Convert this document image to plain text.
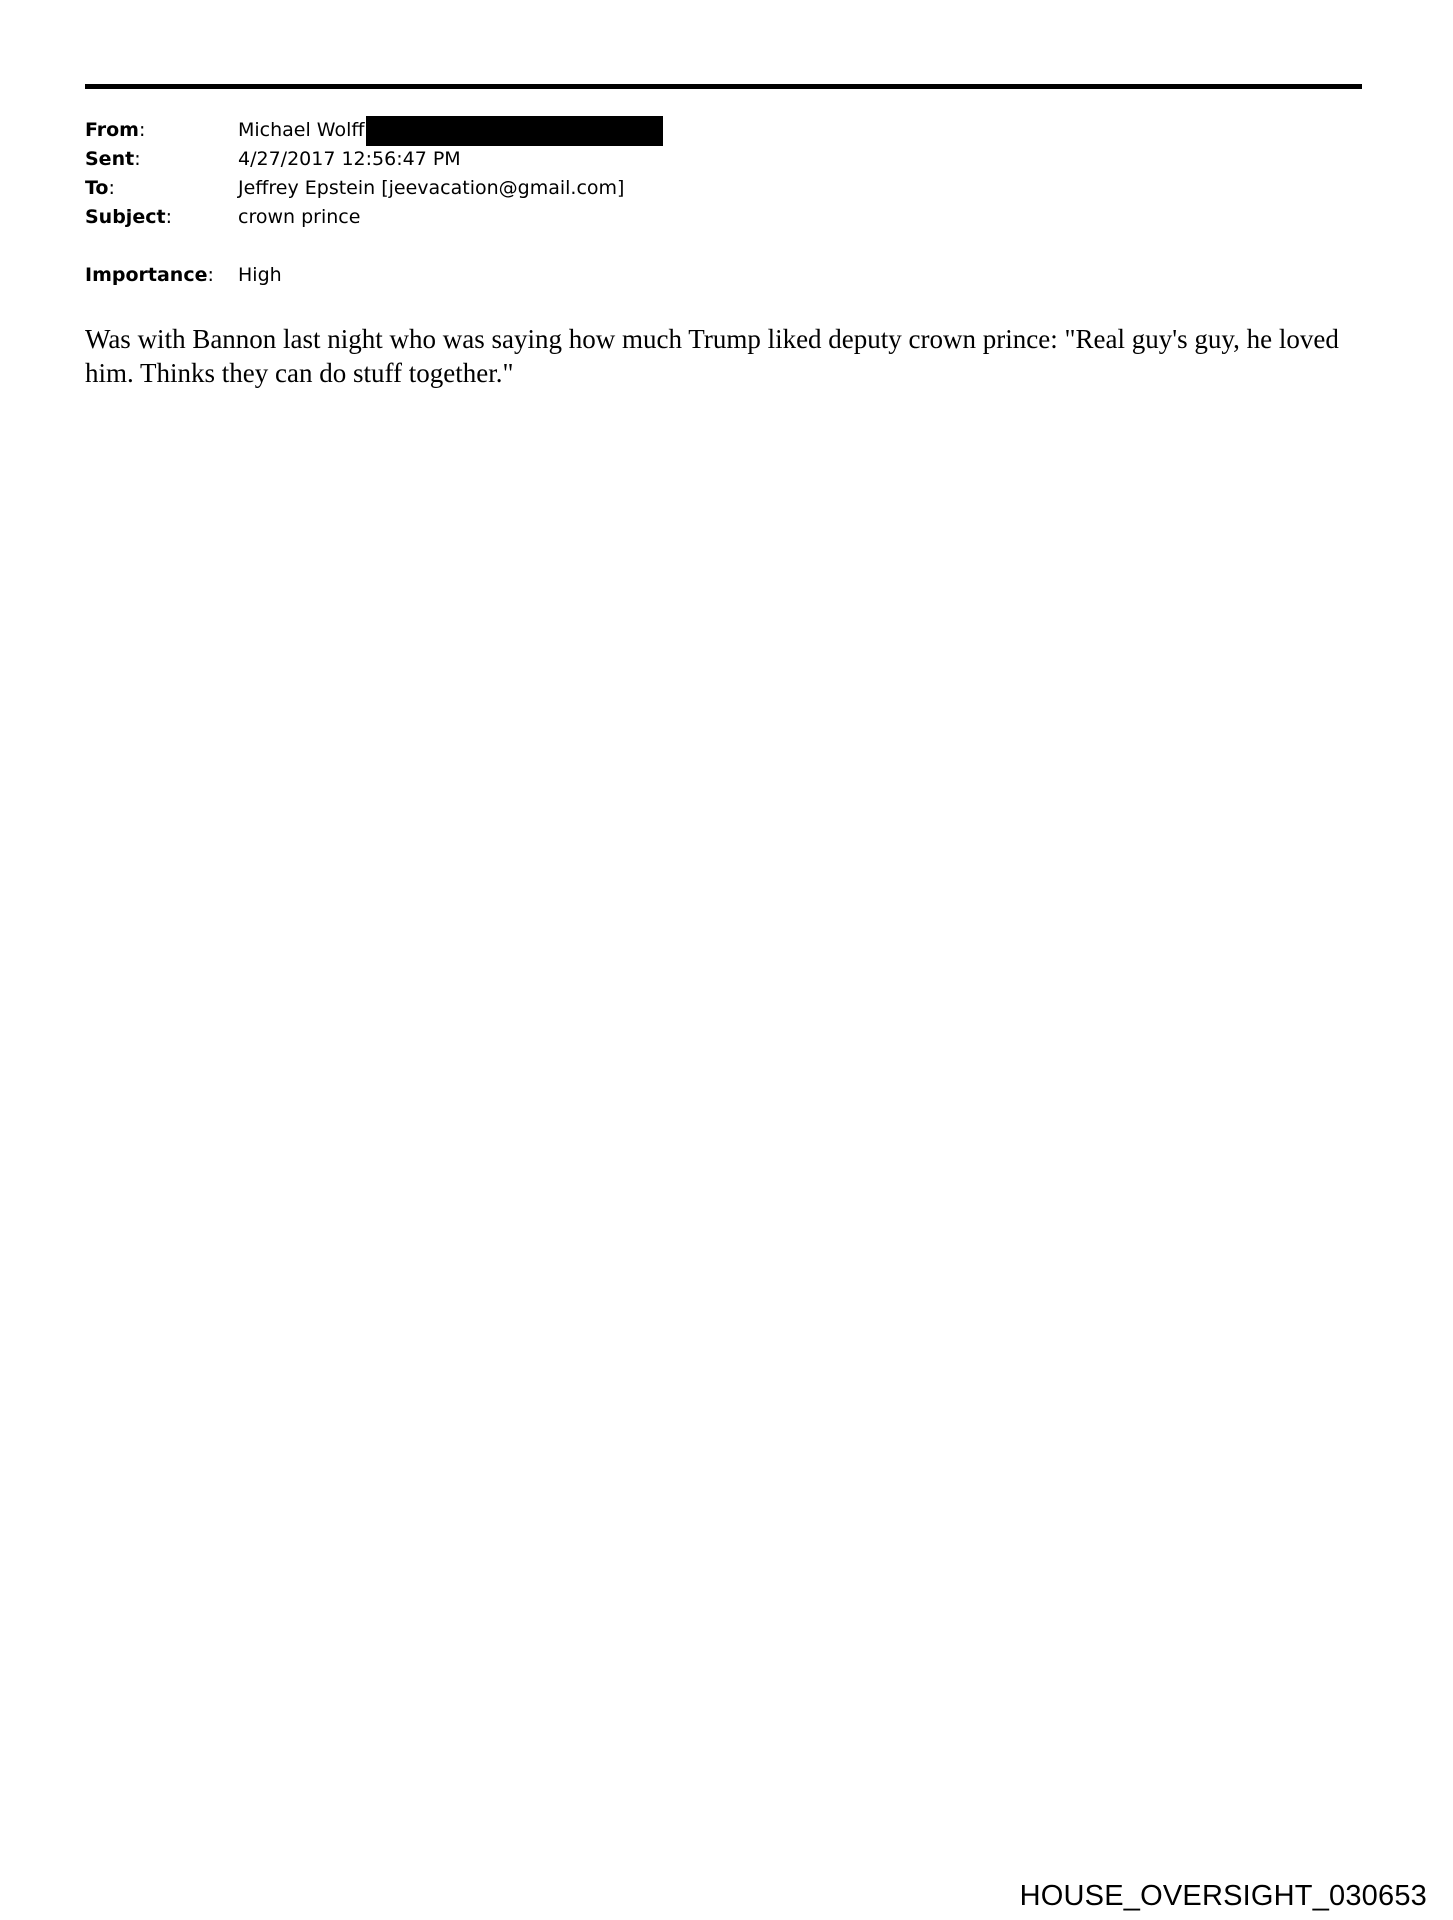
From:	Michael Wolff
Sent:	4/27/2017 12:56:47 PM
To:	Jeffrey Epstein [jeevacation@gmail.com]
Subject:	crown prince
Importance:	High
Was with Bannon last night who was saying how much Trump liked deputy crown prince: "Real guy's guy, he loved him. Thinks they can do stuff together."
HOUSE_OVERSIGHT_030653
